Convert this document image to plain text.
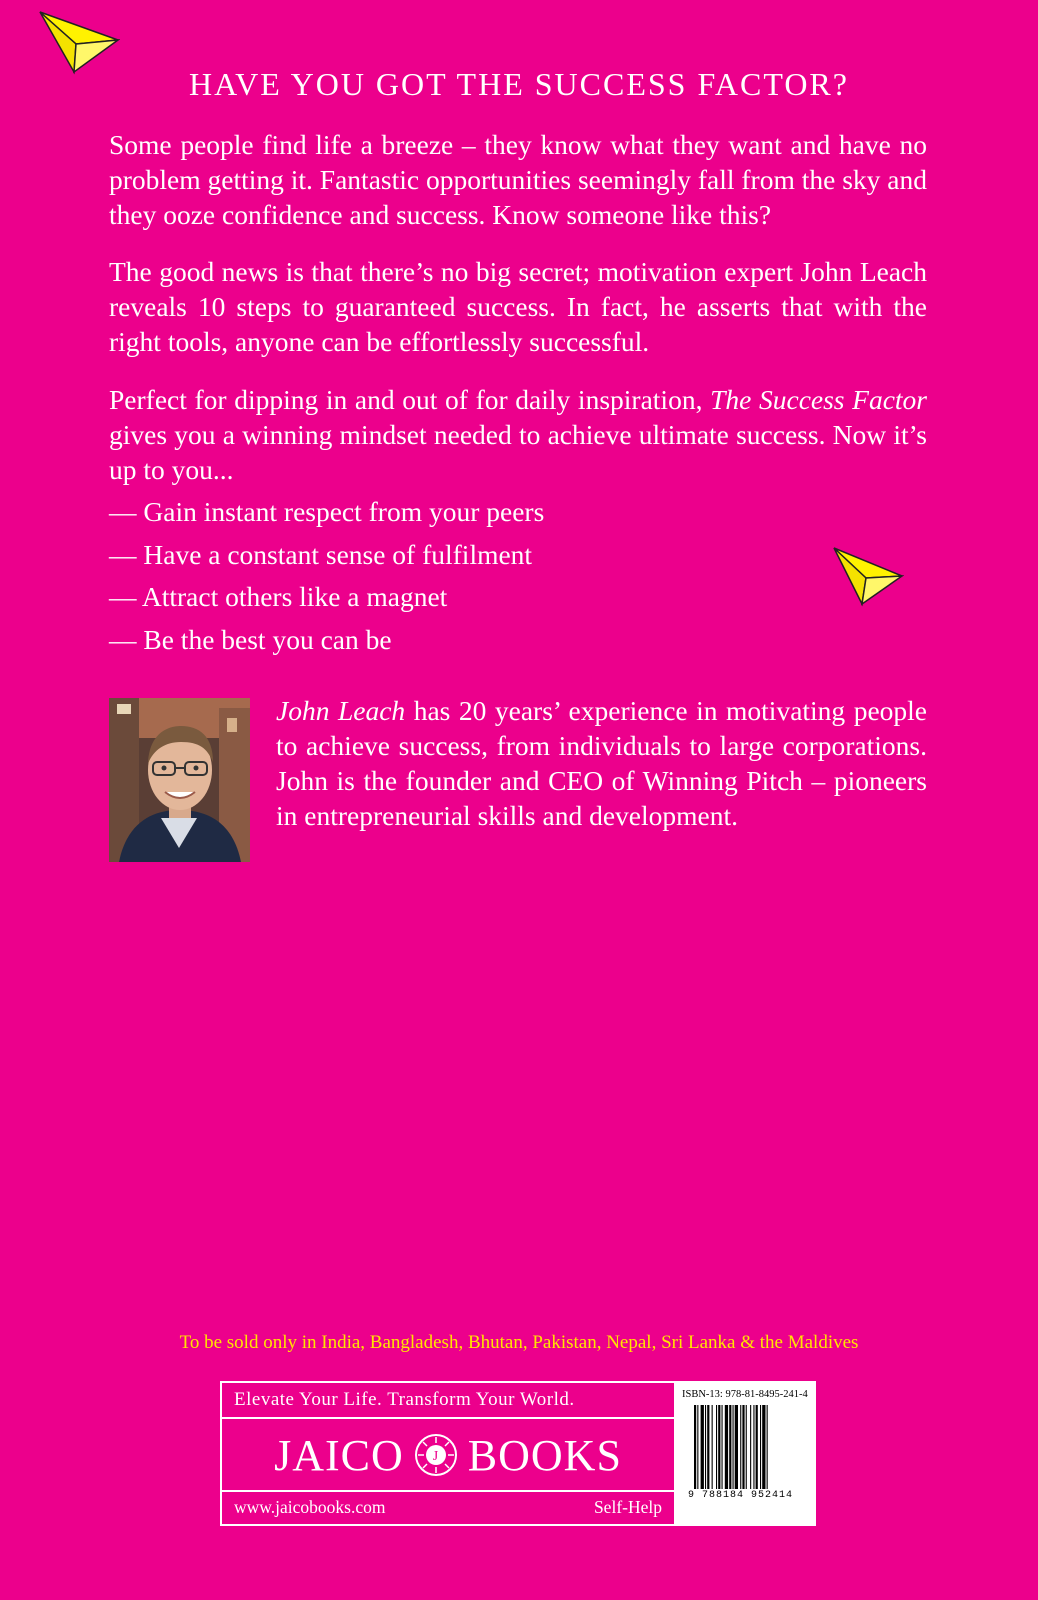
HAVE YOU GOT THE SUCCESS FACTOR?

Some people find life a breeze – they know what they want and have no problem getting it. Fantastic opportunities seemingly fall from the sky and they ooze confidence and success. Know someone like this?

The good news is that there’s no big secret; motivation expert John Leach reveals 10 steps to guaranteed success. In fact, he asserts that with the right tools, anyone can be effortlessly successful.

Perfect for dipping in and out of for daily inspiration, The Success Factor gives you a winning mindset needed to achieve ultimate success. Now it’s up to you...

— Gain instant respect from your peers
— Have a constant sense of fulfilment
— Attract others like a magnet
— Be the best you can be

John Leach has 20 years’ experience in motivating people to achieve success, from individuals to large corporations. John is the founder and CEO of Winning Pitch – pioneers in entrepreneurial skills and development.

To be sold only in India, Bangladesh, Bhutan, Pakistan, Nepal, Sri Lanka & the Maldives
Elevate Your Life. Transform Your World.
JAICO J BOOKS
www.jaicobooks.com	Self-Help
ISBN-13: 978-81-8495-241-4
9 788184 952414
